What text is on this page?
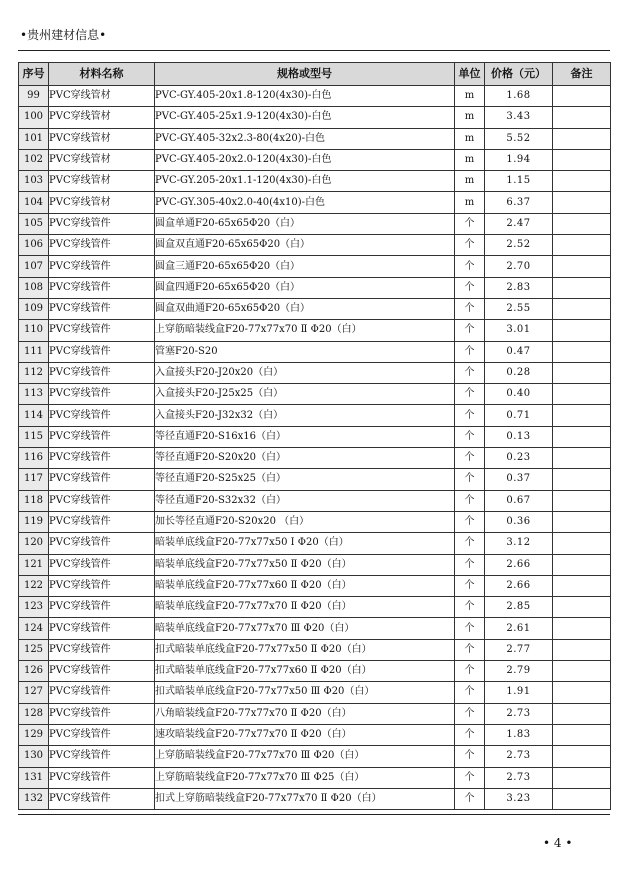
•贵州建材信息•
序号	材料名称	规格或型号	单位	价格（元）	备注
99	PVC穿线管材	PVC-GY.405-20x1.8-120(4x30)-白色	m	1.68	
100	PVC穿线管材	PVC-GY.405-25x1.9-120(4x30)-白色	m	3.43	
101	PVC穿线管材	PVC-GY.405-32x2.3-80(4x20)-白色	m	5.52	
102	PVC穿线管材	PVC-GY.405-20x2.0-120(4x30)-白色	m	1.94	
103	PVC穿线管材	PVC-GY.205-20x1.1-120(4x30)-白色	m	1.15	
104	PVC穿线管材	PVC-GY.305-40x2.0-40(4x10)-白色	m	6.37	
105	PVC穿线管件	圆盒单通F20-65x65Φ20（白）	个	2.47	
106	PVC穿线管件	圆盒双直通F20-65x65Φ20（白）	个	2.52	
107	PVC穿线管件	圆盒三通F20-65x65Φ20（白）	个	2.70	
108	PVC穿线管件	圆盒四通F20-65x65Φ20（白）	个	2.83	
109	PVC穿线管件	圆盒双曲通F20-65x65Φ20（白）	个	2.55	
110	PVC穿线管件	上穿筋暗装线盒F20-77x77x70 Ⅱ Φ20（白）	个	3.01	
111	PVC穿线管件	管塞F20-S20	个	0.47	
112	PVC穿线管件	入盒接头F20-J20x20（白）	个	0.28	
113	PVC穿线管件	入盒接头F20-J25x25（白）	个	0.40	
114	PVC穿线管件	入盒接头F20-J32x32（白）	个	0.71	
115	PVC穿线管件	等径直通F20-S16x16（白）	个	0.13	
116	PVC穿线管件	等径直通F20-S20x20（白）	个	0.23	
117	PVC穿线管件	等径直通F20-S25x25（白）	个	0.37	
118	PVC穿线管件	等径直通F20-S32x32（白）	个	0.67	
119	PVC穿线管件	加长等径直通F20-S20x20 （白）	个	0.36	
120	PVC穿线管件	暗装单底线盒F20-77x77x50 Ⅰ Φ20（白）	个	3.12	
121	PVC穿线管件	暗装单底线盒F20-77x77x50 Ⅱ Φ20（白）	个	2.66	
122	PVC穿线管件	暗装单底线盒F20-77x77x60 Ⅱ Φ20（白）	个	2.66	
123	PVC穿线管件	暗装单底线盒F20-77x77x70 Ⅱ Φ20（白）	个	2.85	
124	PVC穿线管件	暗装单底线盒F20-77x77x70 Ⅲ Φ20（白）	个	2.61	
125	PVC穿线管件	扣式暗装单底线盒F20-77x77x50 Ⅱ Φ20（白）	个	2.77	
126	PVC穿线管件	扣式暗装单底线盒F20-77x77x60 Ⅱ Φ20（白）	个	2.79	
127	PVC穿线管件	扣式暗装单底线盒F20-77x77x50 Ⅲ Φ20（白）	个	1.91	
128	PVC穿线管件	八角暗装线盒F20-77x77x70 Ⅱ Φ20（白）	个	2.73	
129	PVC穿线管件	速攻暗装线盒F20-77x77x70 Ⅱ Φ20（白）	个	1.83	
130	PVC穿线管件	上穿筋暗装线盒F20-77x77x70 Ⅲ Φ20（白）	个	2.73	
131	PVC穿线管件	上穿筋暗装线盒F20-77x77x70 Ⅲ Φ25（白）	个	2.73	
132	PVC穿线管件	扣式上穿筋暗装线盒F20-77x77x70 Ⅱ Φ20（白）	个	3.23	
• 4 •
